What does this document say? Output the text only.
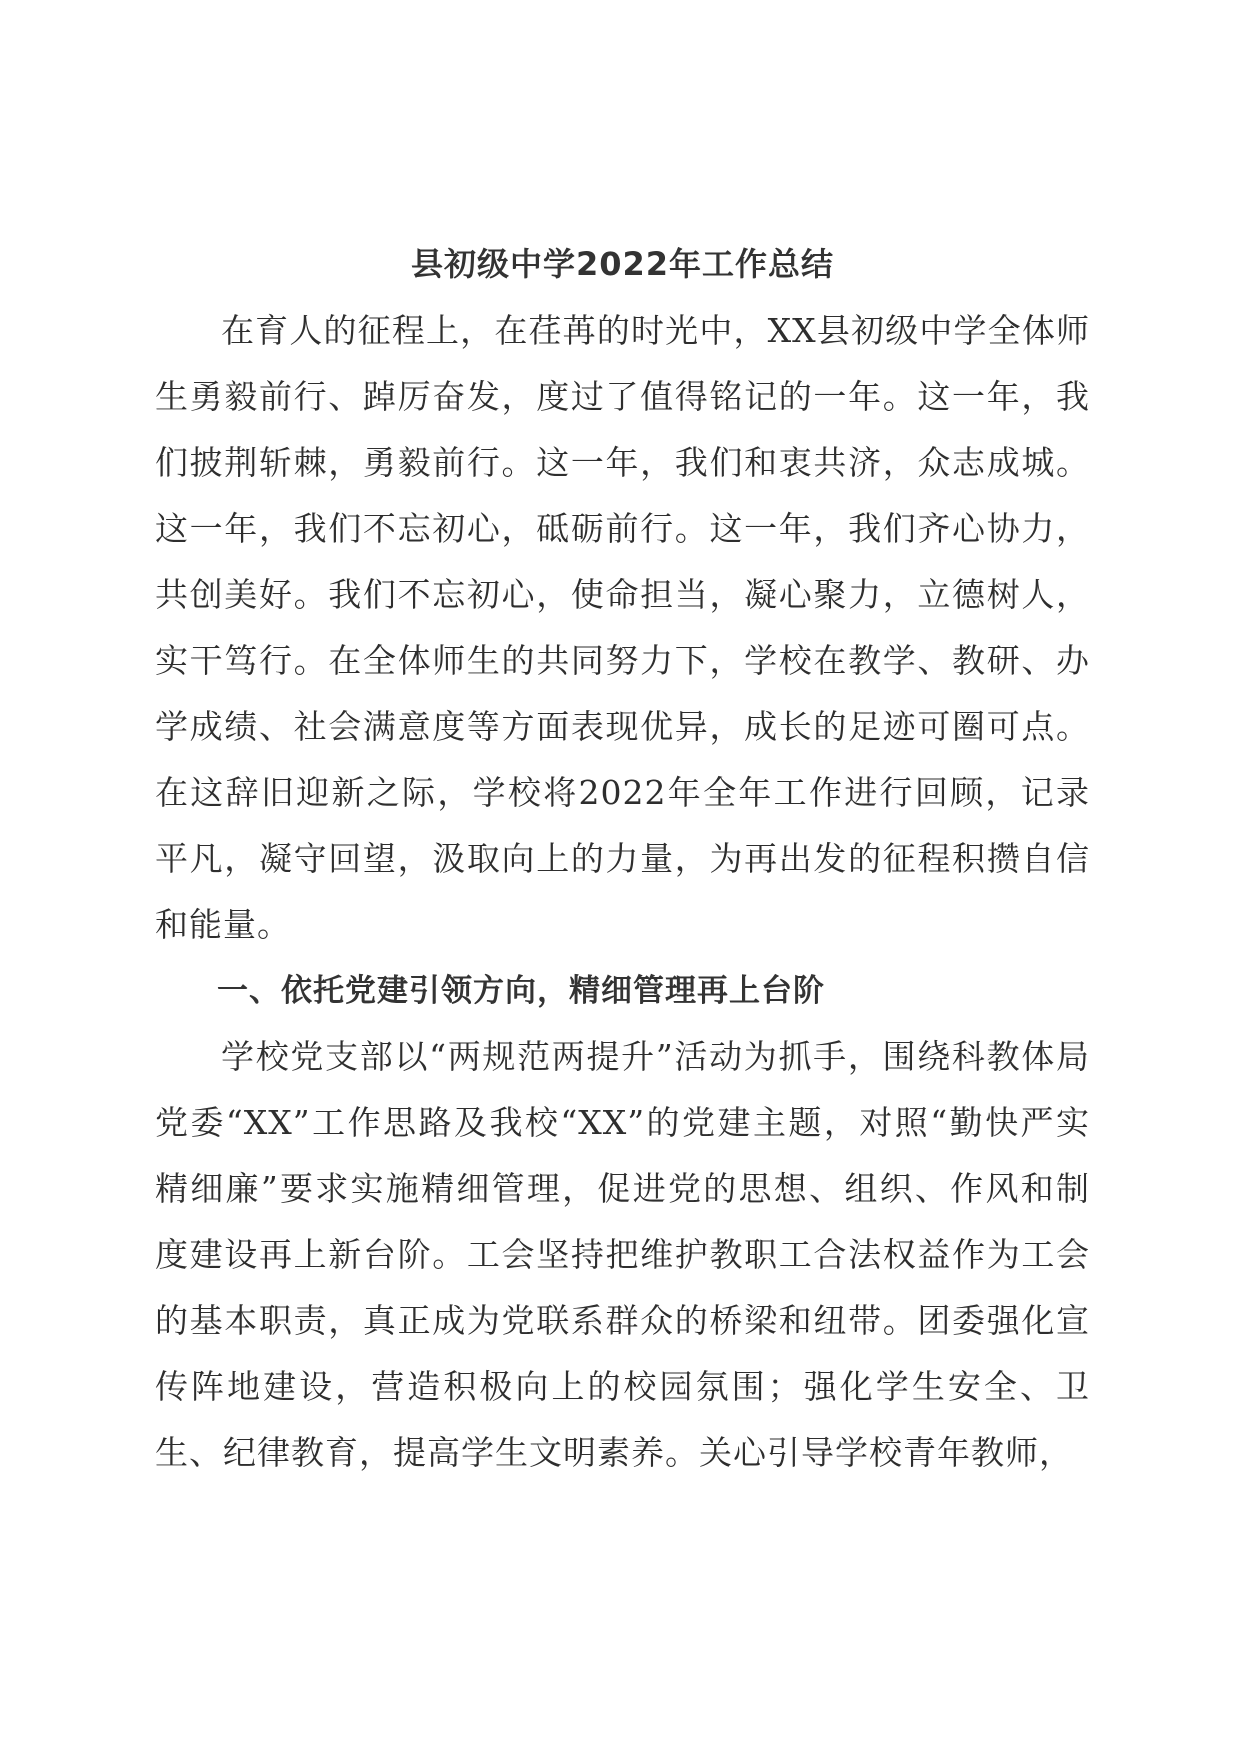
县初级中学2022年工作总结

在育人的征程上，在荏苒的时光中，XX县初级中学全体师生勇毅前行、踔厉奋发，度过了值得铭记的一年。这一年，我们披荆斩棘，勇毅前行。这一年，我们和衷共济，众志成城。这一年，我们不忘初心，砥砺前行。这一年，我们齐心协力，共创美好。我们不忘初心，使命担当，凝心聚力，立德树人，实干笃行。在全体师生的共同努力下，学校在教学、教研、办学成绩、社会满意度等方面表现优异，成长的足迹可圈可点。在这辞旧迎新之际，学校将2022年全年工作进行回顾，记录平凡，凝守回望，汲取向上的力量，为再出发的征程积攒自信和能量。

一、依托党建引领方向，精细管理再上台阶

学校党支部以“两规范两提升”活动为抓手，围绕科教体局党委“XX”工作思路及我校“XX”的党建主题，对照“勤快严实精细廉”要求实施精细管理，促进党的思想、组织、作风和制度建设再上新台阶。工会坚持把维护教职工合法权益作为工会的基本职责，真正成为党联系群众的桥梁和纽带。团委强化宣传阵地建设，营造积极向上的校园氛围；强化学生安全、卫生、纪律教育，提高学生文明素养。关心引导学校青年教师，
